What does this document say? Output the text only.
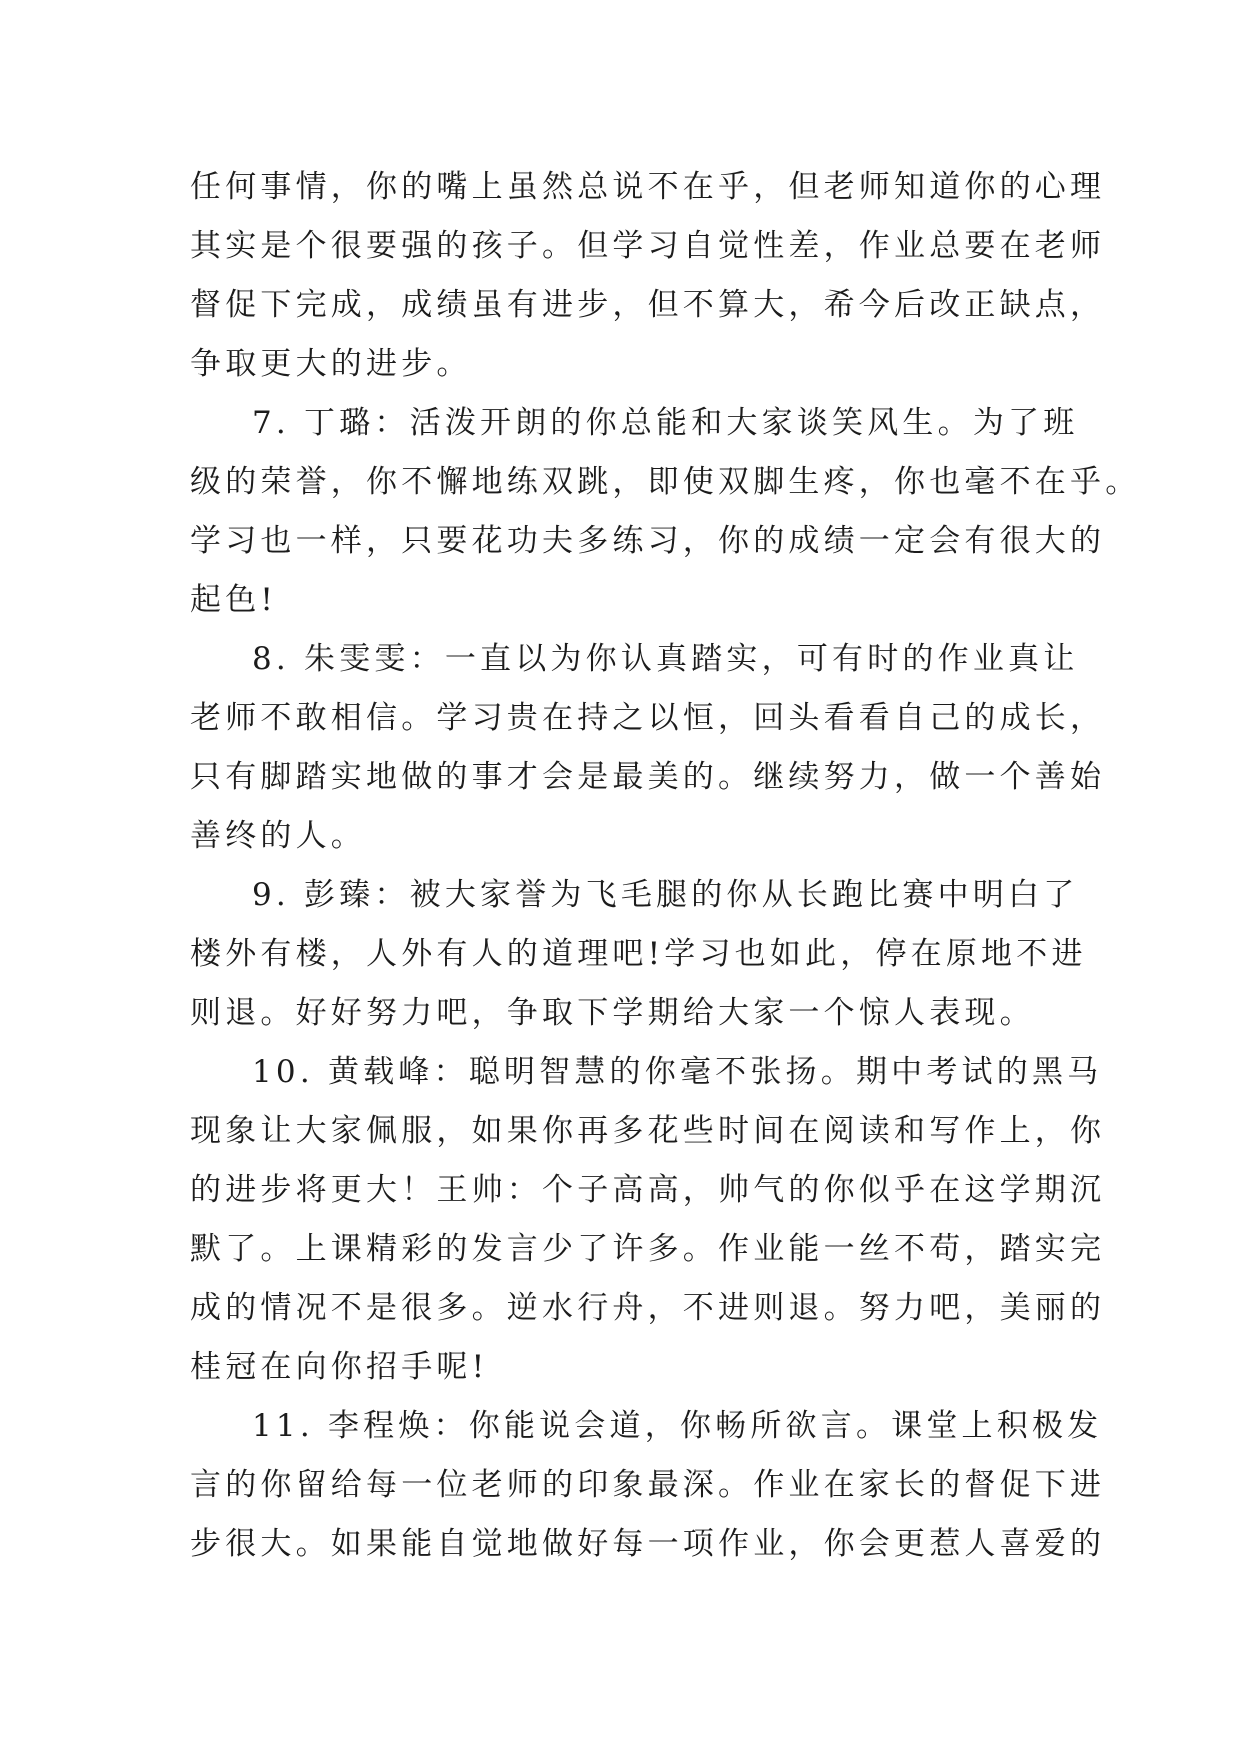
任何事情，你的嘴上虽然总说不在乎，但老师知道你的心理
其实是个很要强的孩子。但学习自觉性差，作业总要在老师
督促下完成，成绩虽有进步，但不算大，希今后改正缺点，
争取更大的进步。
7. 丁璐：活泼开朗的你总能和大家谈笑风生。为了班
级的荣誉，你不懈地练双跳，即使双脚生疼，你也毫不在乎。
学习也一样，只要花功夫多练习，你的成绩一定会有很大的
起色!
8. 朱雯雯：一直以为你认真踏实，可有时的作业真让
老师不敢相信。学习贵在持之以恒，回头看看自己的成长，
只有脚踏实地做的事才会是最美的。继续努力，做一个善始
善终的人。
9. 彭臻：被大家誉为飞毛腿的你从长跑比赛中明白了
楼外有楼，人外有人的道理吧!学习也如此，停在原地不进
则退。好好努力吧，争取下学期给大家一个惊人表现。
10. 黄载峰：聪明智慧的你毫不张扬。期中考试的黑马
现象让大家佩服，如果你再多花些时间在阅读和写作上，你
的进步将更大！王帅：个子高高，帅气的你似乎在这学期沉
默了。上课精彩的发言少了许多。作业能一丝不苟，踏实完
成的情况不是很多。逆水行舟，不进则退。努力吧，美丽的
桂冠在向你招手呢!
11. 李程焕：你能说会道，你畅所欲言。课堂上积极发
言的你留给每一位老师的印象最深。作业在家长的督促下进
步很大。如果能自觉地做好每一项作业，你会更惹人喜爱的
